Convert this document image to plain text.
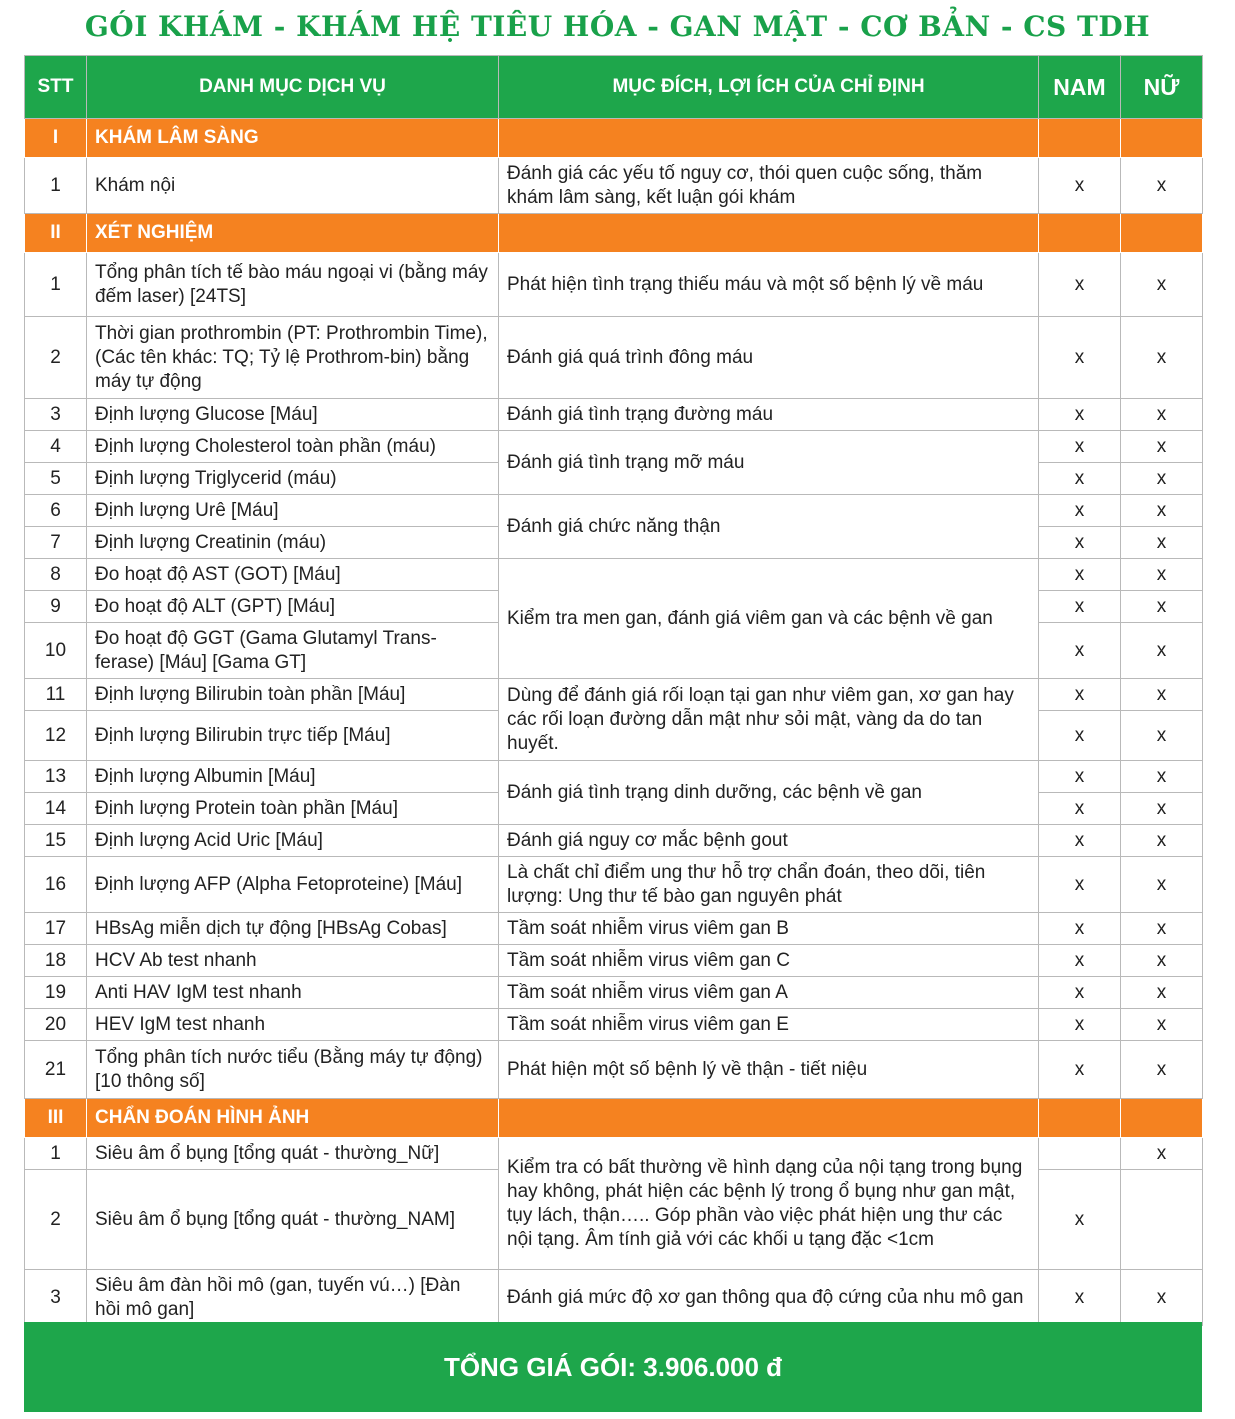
GÓI KHÁM - KHÁM HỆ TIÊU HÓA - GAN MẬT - CƠ BẢN - CS TDH
STT	DANH MỤC DỊCH VỤ	MỤC ĐÍCH, LỢI ÍCH CỦA CHỈ ĐỊNH	NAM	NỮ
I	KHÁM LÂM SÀNG			
1	Khám nội	Đánh giá các yếu tố nguy cơ, thói quen cuộc sống, thăm khám lâm sàng, kết luận gói khám	x	x
II	XÉT NGHIỆM			
1	Tổng phân tích tế bào máu ngoại vi (bằng máy đếm laser) [24TS]	Phát hiện tình trạng thiếu máu và một số bệnh lý về máu	x	x
2	Thời gian prothrombin (PT: Prothrombin Time), (Các tên khác: TQ; Tỷ lệ Prothrom-bin) bằng máy tự động	Đánh giá quá trình đông máu	x	x
3	Định lượng Glucose [Máu]	Đánh giá tình trạng đường máu	x	x
4	Định lượng Cholesterol toàn phần (máu)	Đánh giá tình trạng mỡ máu	x	x
5	Định lượng Triglycerid (máu)		x	x
6	Định lượng Urê [Máu]	Đánh giá chức năng thận	x	x
7	Định lượng Creatinin (máu)		x	x
8	Đo hoạt độ AST (GOT) [Máu]	Kiểm tra men gan, đánh giá viêm gan và các bệnh về gan	x	x
9	Đo hoạt độ ALT (GPT) [Máu]		x	x
10	Đo hoạt độ GGT (Gama Glutamyl Trans-ferase) [Máu] [Gama GT]		x	x
11	Định lượng Bilirubin toàn phần [Máu]	Dùng để đánh giá rối loạn tại gan như viêm gan, xơ gan hay các rối loạn đường dẫn mật như sỏi mật, vàng da do tan huyết.	x	x
12	Định lượng Bilirubin trực tiếp [Máu]		x	x
13	Định lượng Albumin [Máu]	Đánh giá tình trạng dinh dưỡng, các bệnh về gan	x	x
14	Định lượng Protein toàn phần [Máu]		x	x
15	Định lượng Acid Uric [Máu]	Đánh giá nguy cơ mắc bệnh gout	x	x
16	Định lượng AFP (Alpha Fetoproteine) [Máu]	Là chất chỉ điểm ung thư hỗ trợ chẩn đoán, theo dõi, tiên lượng: Ung thư tế bào gan nguyên phát	x	x
17	HBsAg miễn dịch tự động [HBsAg Cobas]	Tầm soát nhiễm virus viêm gan B	x	x
18	HCV Ab test nhanh	Tầm soát nhiễm virus viêm gan C	x	x
19	Anti HAV IgM test nhanh	Tầm soát nhiễm virus viêm gan A	x	x
20	HEV IgM test nhanh	Tầm soát nhiễm virus viêm gan E	x	x
21	Tổng phân tích nước tiểu (Bằng máy tự động) [10 thông số]	Phát hiện một số bệnh lý về thận - tiết niệu	x	x
III	CHẨN ĐOÁN HÌNH ẢNH			
1	Siêu âm ổ bụng [tổng quát - thường_Nữ]	Kiểm tra có bất thường về hình dạng của nội tạng trong bụng hay không, phát hiện các bệnh lý trong ổ bụng như gan mật, tụy lách, thận….. Góp phần vào việc phát hiện ung thư các nội tạng. Âm tính giả với các khối u tạng đặc <1cm		x
2	Siêu âm ổ bụng [tổng quát - thường_NAM]		x	
3	Siêu âm đàn hồi mô (gan, tuyến vú…) [Đàn hồi mô gan]	Đánh giá mức độ xơ gan thông qua độ cứng của nhu mô gan	x	x
TỔNG GIÁ GÓI: 3.906.000 đ
